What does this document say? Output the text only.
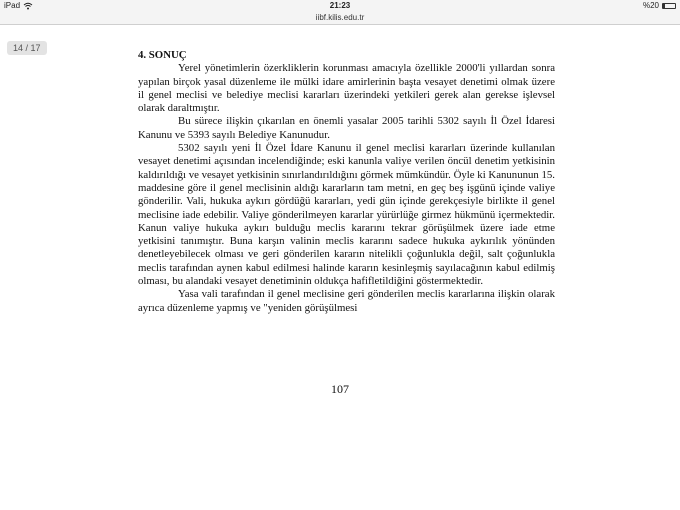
iPad	21:23	%20
iibf.kilis.edu.tr
14 / 17
4. SONUÇ

Yerel yönetimlerin özerkliklerin korunması amacıyla özellikle 2000'li yıllardan sonra yapılan birçok yasal düzenleme ile mülki idare amirlerinin başta vesayet denetimi olmak üzere il genel meclisi ve belediye meclisi kararları üzerindeki yetkileri gerek alan gerekse işlevsel olarak daraltmıştır.

Bu sürece ilişkin çıkarılan en önemli yasalar 2005 tarihli 5302 sayılı İl Özel İdaresi Kanunu ve 5393 sayılı Belediye Kanunudur.

5302 sayılı yeni İl Özel İdare Kanunu il genel meclisi kararları üzerinde kullanılan vesayet denetimi açısından incelendiğinde; eski kanunla valiye verilen öncül denetim yetkisinin kaldırıldığı ve vesayet yetkisinin sınırlandırıldığını görmek mümkündür. Öyle ki Kanununun 15. maddesine göre il genel meclisinin aldığı kararların tam metni, en geç beş işgünü içinde valiye gönderilir. Vali, hukuka aykırı gördüğü kararları, yedi gün içinde gerekçesiyle birlikte il genel meclisine iade edebilir. Valiye gönderilmeyen kararlar yürürlüğe girmez hükmünü içermektedir. Kanun valiye hukuka aykırı bulduğu meclis kararını tekrar görüşülmek üzere iade etme yetkisini tanımıştır. Buna karşın valinin meclis kararını sadece hukuka aykırılık yönünden denetleyebilecek olması ve geri gönderilen kararın nitelikli çoğunlukla değil, salt çoğunlukla meclis tarafından aynen kabul edilmesi halinde kararın kesinleşmiş sayılacağının kabul edilmiş olması, bu alandaki vesayet denetiminin oldukça hafifletildiğini göstermektedir.

Yasa vali tarafından il genel meclisine geri gönderilen meclis kararlarına ilişkin olarak ayrıca düzenleme yapmış ve "yeniden görüşülmesi

107
